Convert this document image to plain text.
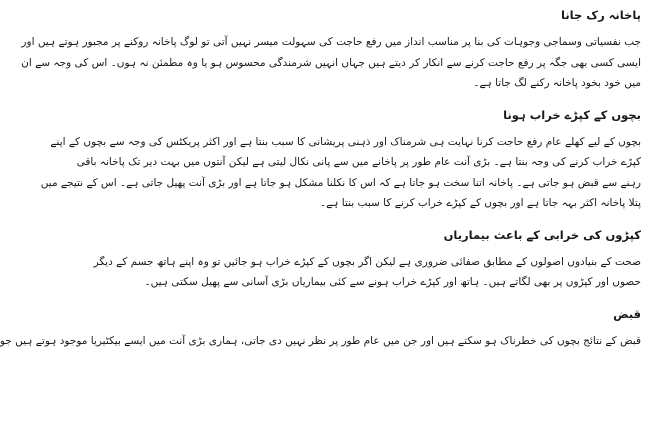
پاخانہ رک جانا
جب نفسیاتی وسماجی وجوہات کی بنا پر مناسب انداز میں رفع حاجت کی سہولت میسر نہیں آتی تو لوگ پاخانہ روکنے پر مجبور ہوتے ہیں اور
ایسی کسی بھی جگہ پر رفع حاجت کرنے سے انکار کر دیتے ہیں جہاں انہیں شرمندگی محسوس ہو یا وہ مطمئن نہ ہوں۔ اس کی وجہ سے ان
میں خود بخود پاخانہ رکنے لگ جاتا ہے۔
بچوں کے کپڑے خراب ہونا
بچوں کے لیے کھلے عام رفع حاجت کرنا نہایت ہی شرمناک اور ذہنی پریشانی کا سبب بنتا ہے اور اکثر پریکٹس کی وجہ سے بچوں کے اپنے
کپڑے خراب کرنے کی وجہ بنتا ہے۔ بڑی آنت عام طور پر پاخانے میں سے پانی نکال لیتی ہے لیکن آنتوں میں بہت دیر تک پاخانہ باقی
رہنے سے قبض ہو جاتی ہے۔ پاخانہ اتنا سخت ہو جاتا ہے کہ اس کا نکلنا مشکل ہو جاتا ہے اور بڑی آنت پھیل جاتی ہے۔ اس کے نتیجے میں
پتلا پاخانہ اکثر بہہ جاتا ہے اور بچوں کے کپڑے خراب کرنے کا سبب بنتا ہے۔
کپڑوں کی خرابی کے باعث بیماریاں
صحت کے بنیادوں اصولوں کے مطابق صفائی ضروری ہے لیکن اگر بچوں کے کپڑے خراب ہو جائیں تو وہ اپنے ہاتھ جسم کے دیگر
حصوں اور کپڑوں پر بھی لگاتے ہیں۔ ہاتھ اور کپڑے خراب ہونے سے کئی بیماریاں بڑی آسانی سے پھیل سکتی ہیں۔
قبض
قبض کے نتائج بچوں کی خطرناک ہو سکتے ہیں اور جن میں عام طور پر نظر نہیں دی جاتی، ہماری بڑی آنت میں ایسے بیکٹیریا موجود ہوتے ہیں جو
